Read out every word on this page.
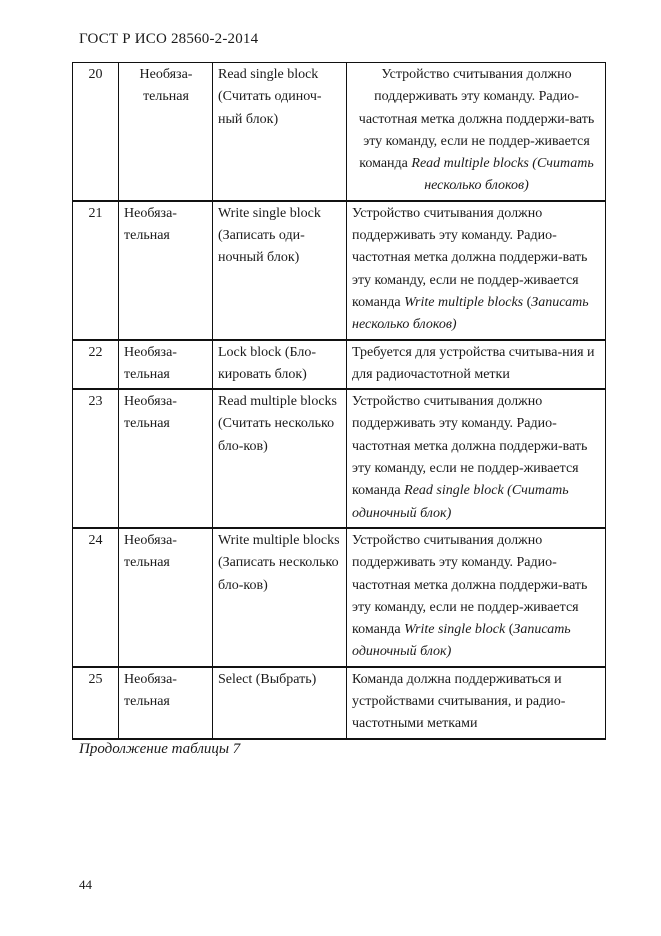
ГОСТ Р ИСО 28560-2-2014
20	Необяза-тельная	Read single block (Считать одиноч-ный блок)	Устройство считывания должно поддерживать эту команду. Радио-частотная метка должна поддержи-вать эту команду, если не поддер-живается команда Read multiple blocks (Считать несколько блоков)
21	Необяза-тельная	Write single block (Записать оди-ночный блок)	Устройство считывания должно поддерживать эту команду. Радио-частотная метка должна поддержи-вать эту команду, если не поддер-живается команда Write multiple blocks (Записать несколько блоков)
22	Необяза-тельная	Lock block (Бло-кировать блок)	Требуется для устройства считыва-ния и для радиочастотной метки
23	Необяза-тельная	Read multiple blocks (Считать несколько бло-ков)	Устройство считывания должно поддерживать эту команду. Радио-частотная метка должна поддержи-вать эту команду, если не поддер-живается команда Read single block (Считать одиночный блок)
24	Необяза-тельная	Write multiple blocks (Записать несколько бло-ков)	Устройство считывания должно поддерживать эту команду. Радио-частотная метка должна поддержи-вать эту команду, если не поддер-живается команда Write single block (Записать одиночный блок)
25	Необяза-тельная	Select (Выбрать)	Команда должна поддерживаться и устройствами считывания, и радио-частотными метками
Продолжение таблицы 7
44
